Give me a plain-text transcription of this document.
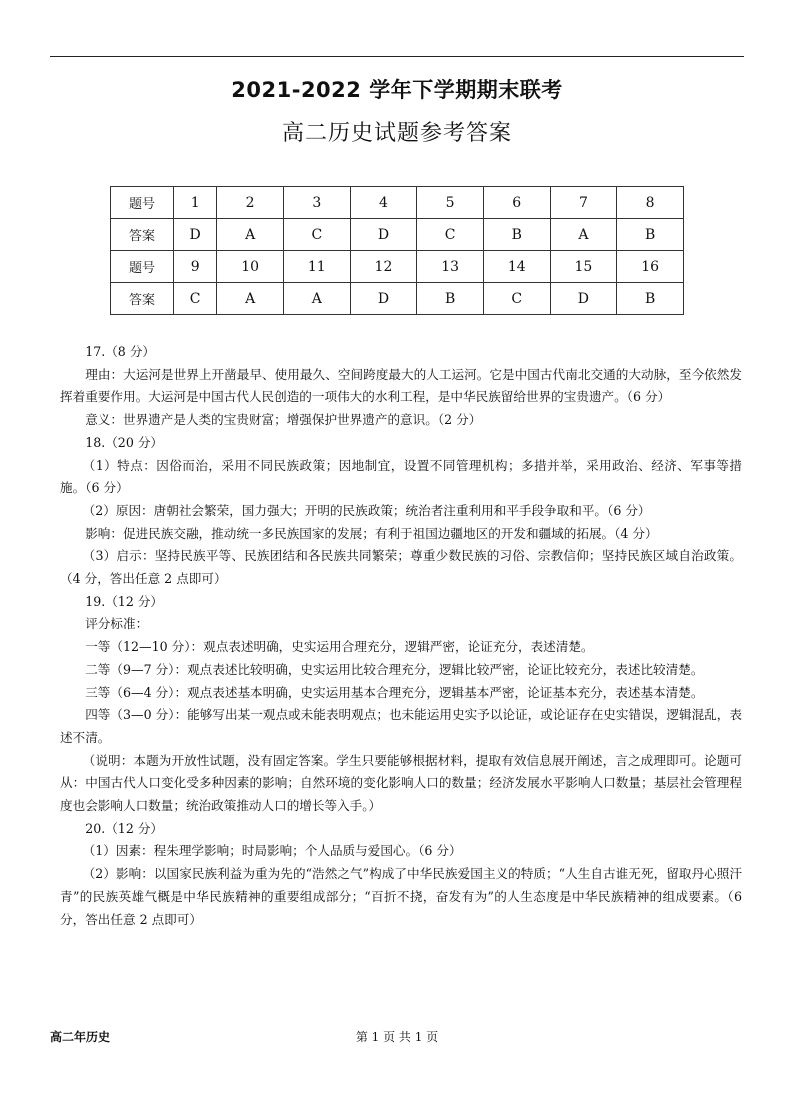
2021-2022 学年下学期期末联考
高二历史试题参考答案
题号	1	2	3	4	5	6	7	8
答案	D	A	C	D	C	B	A	B
题号	9	10	11	12	13	14	15	16
答案	C	A	A	D	B	C	D	B

17.（8 分）

理由：大运河是世界上开凿最早、使用最久、空间跨度最大的人工运河。它是中国古代南北交通的大动脉，至今依然发挥着重要作用。大运河是中国古代人民创造的一项伟大的水利工程，是中华民族留给世界的宝贵遗产。（6 分）

意义：世界遗产是人类的宝贵财富；增强保护世界遗产的意识。（2 分）

18.（20 分）

（1）特点：因俗而治，采用不同民族政策；因地制宜，设置不同管理机构；多措并举，采用政治、经济、军事等措施。（6 分）

（2）原因：唐朝社会繁荣，国力强大；开明的民族政策；统治者注重利用和平手段争取和平。（6 分）

影响：促进民族交融，推动统一多民族国家的发展；有利于祖国边疆地区的开发和疆域的拓展。（4 分）

（3）启示：坚持民族平等、民族团结和各民族共同繁荣；尊重少数民族的习俗、宗教信仰；坚持民族区域自治政策。（4 分，答出任意 2 点即可）

19.（12 分）

评分标准：

一等（12—10 分）：观点表述明确，史实运用合理充分，逻辑严密，论证充分，表述清楚。

二等（9—7 分）：观点表述比较明确，史实运用比较合理充分，逻辑比较严密，论证比较充分，表述比较清楚。

三等（6—4 分）：观点表述基本明确，史实运用基本合理充分，逻辑基本严密，论证基本充分，表述基本清楚。

四等（3—0 分）：能够写出某一观点或未能表明观点；也未能运用史实予以论证，或论证存在史实错误，逻辑混乱，表述不清。

（说明：本题为开放性试题，没有固定答案。学生只要能够根据材料，提取有效信息展开阐述，言之成理即可。论题可从：中国古代人口变化受多种因素的影响；自然环境的变化影响人口的数量；经济发展水平影响人口数量；基层社会管理程度也会影响人口数量；统治政策推动人口的增长等入手。）

20.（12 分）

（1）因素：程朱理学影响；时局影响；个人品质与爱国心。（6 分）

（2）影响：以国家民族利益为重为先的“浩然之气”构成了中华民族爱国主义的特质；“人生自古谁无死，留取丹心照汗青”的民族英雄气概是中华民族精神的重要组成部分；“百折不挠，奋发有为”的人生态度是中华民族精神的组成要素。（6 分，答出任意 2 点即可）

高二年历史	第 1 页 共 1 页
